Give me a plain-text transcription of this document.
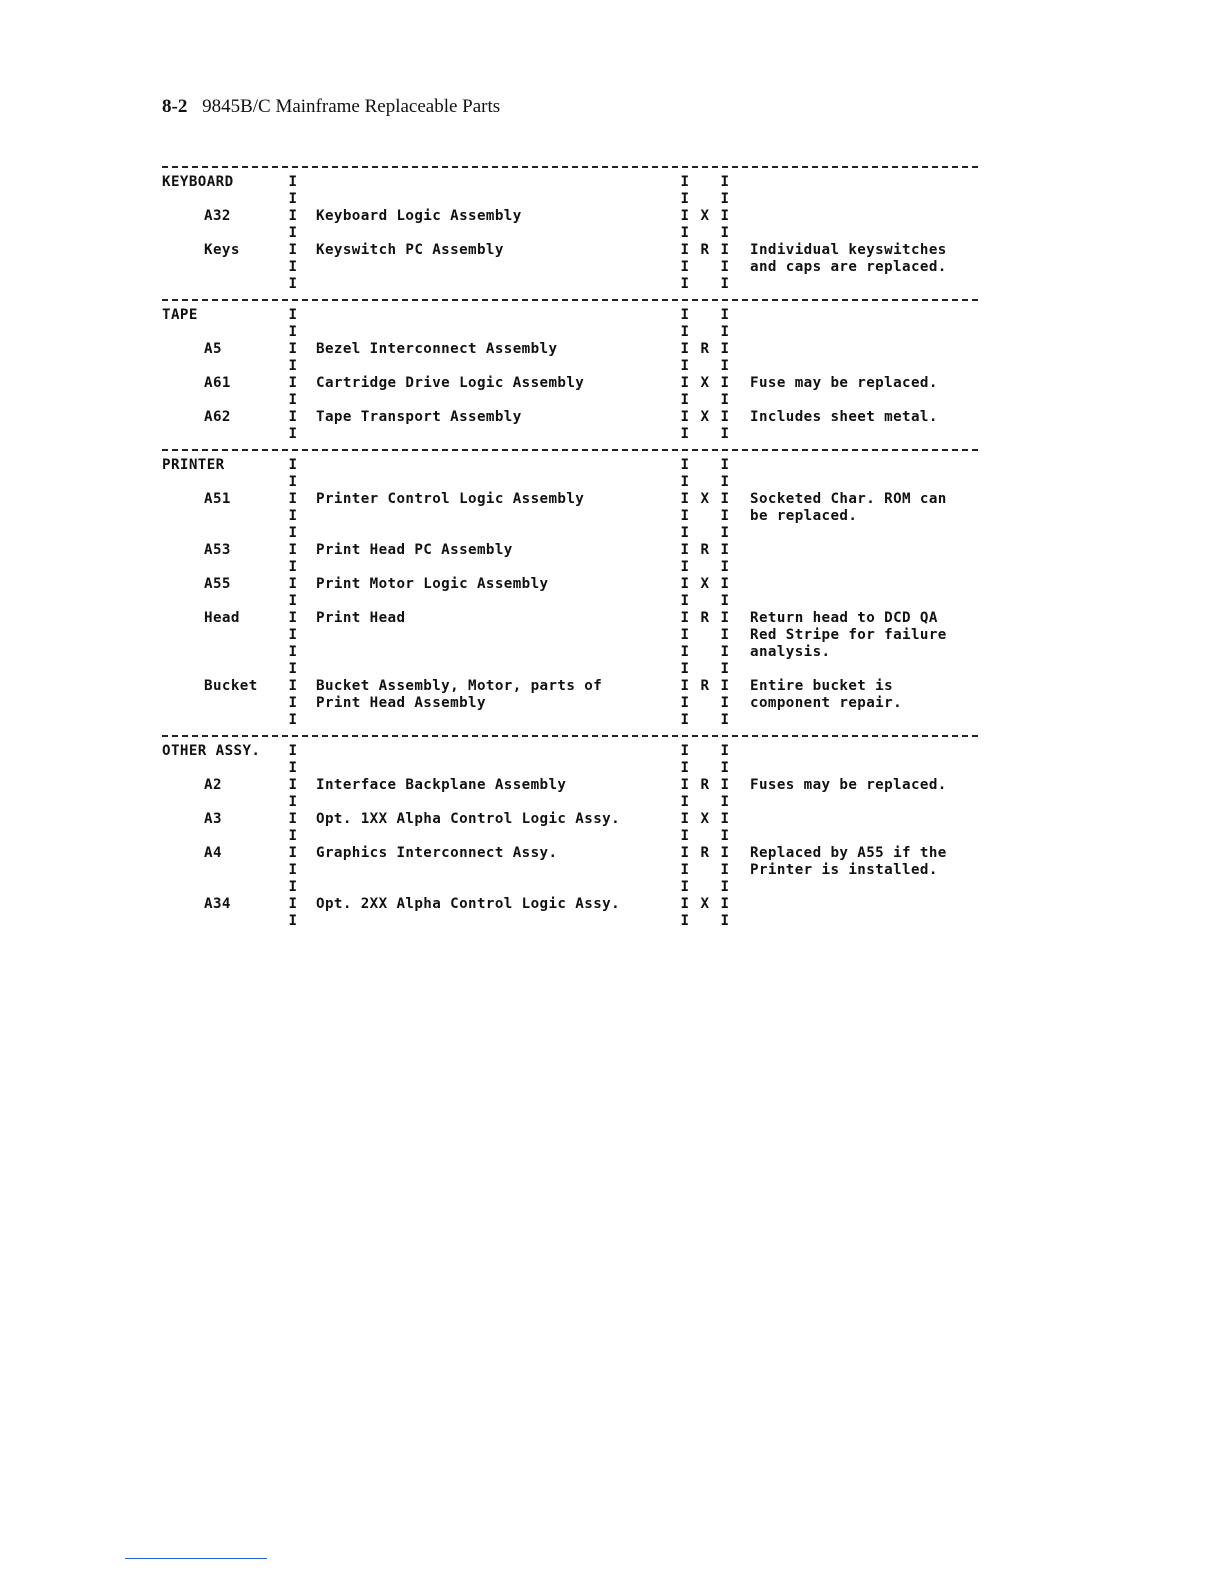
8-2 9845B/C Mainframe Replaceable Parts
KEYBOARD	I	I I
I	I I
A32	I	Keyboard Logic Assembly	I X I
I	I I
Keys	I	Keyswitch PC Assembly	I R I	Individual keyswitches
I	I I	and caps are replaced.
I	I I
TAPE	I	I I
I	I I
A5	I	Bezel Interconnect Assembly	I R I
I	I I
A61	I	Cartridge Drive Logic Assembly	I X I	Fuse may be replaced.
I	I I
A62	I	Tape Transport Assembly	I X I	Includes sheet metal.
I	I I
PRINTER	I	I I
I	I I
A51	I	Printer Control Logic Assembly	I X I	Socketed Char. ROM can
I	I I	be replaced.
I	I I
A53	I	Print Head PC Assembly	I R I
I	I I
A55	I	Print Motor Logic Assembly	I X I
I	I I
Head	I	Print Head	I R I	Return head to DCD QA
I	I I	Red Stripe for failure
I	I I	analysis.
I	I I
Bucket	I	Bucket Assembly, Motor, parts of	I R I	Entire bucket is
I	Print Head Assembly	I I	component repair.
I	I I
OTHER ASSY.	I	I I
I	I I
A2	I	Interface Backplane Assembly	I R I	Fuses may be replaced.
I	I I
A3	I	Opt. 1XX Alpha Control Logic Assy.	I X I
I	I I
A4	I	Graphics Interconnect Assy.	I R I	Replaced by A55 if the
I	I I	Printer is installed.
I	I I
A34	I	Opt. 2XX Alpha Control Logic Assy.	I X I
I	I I
